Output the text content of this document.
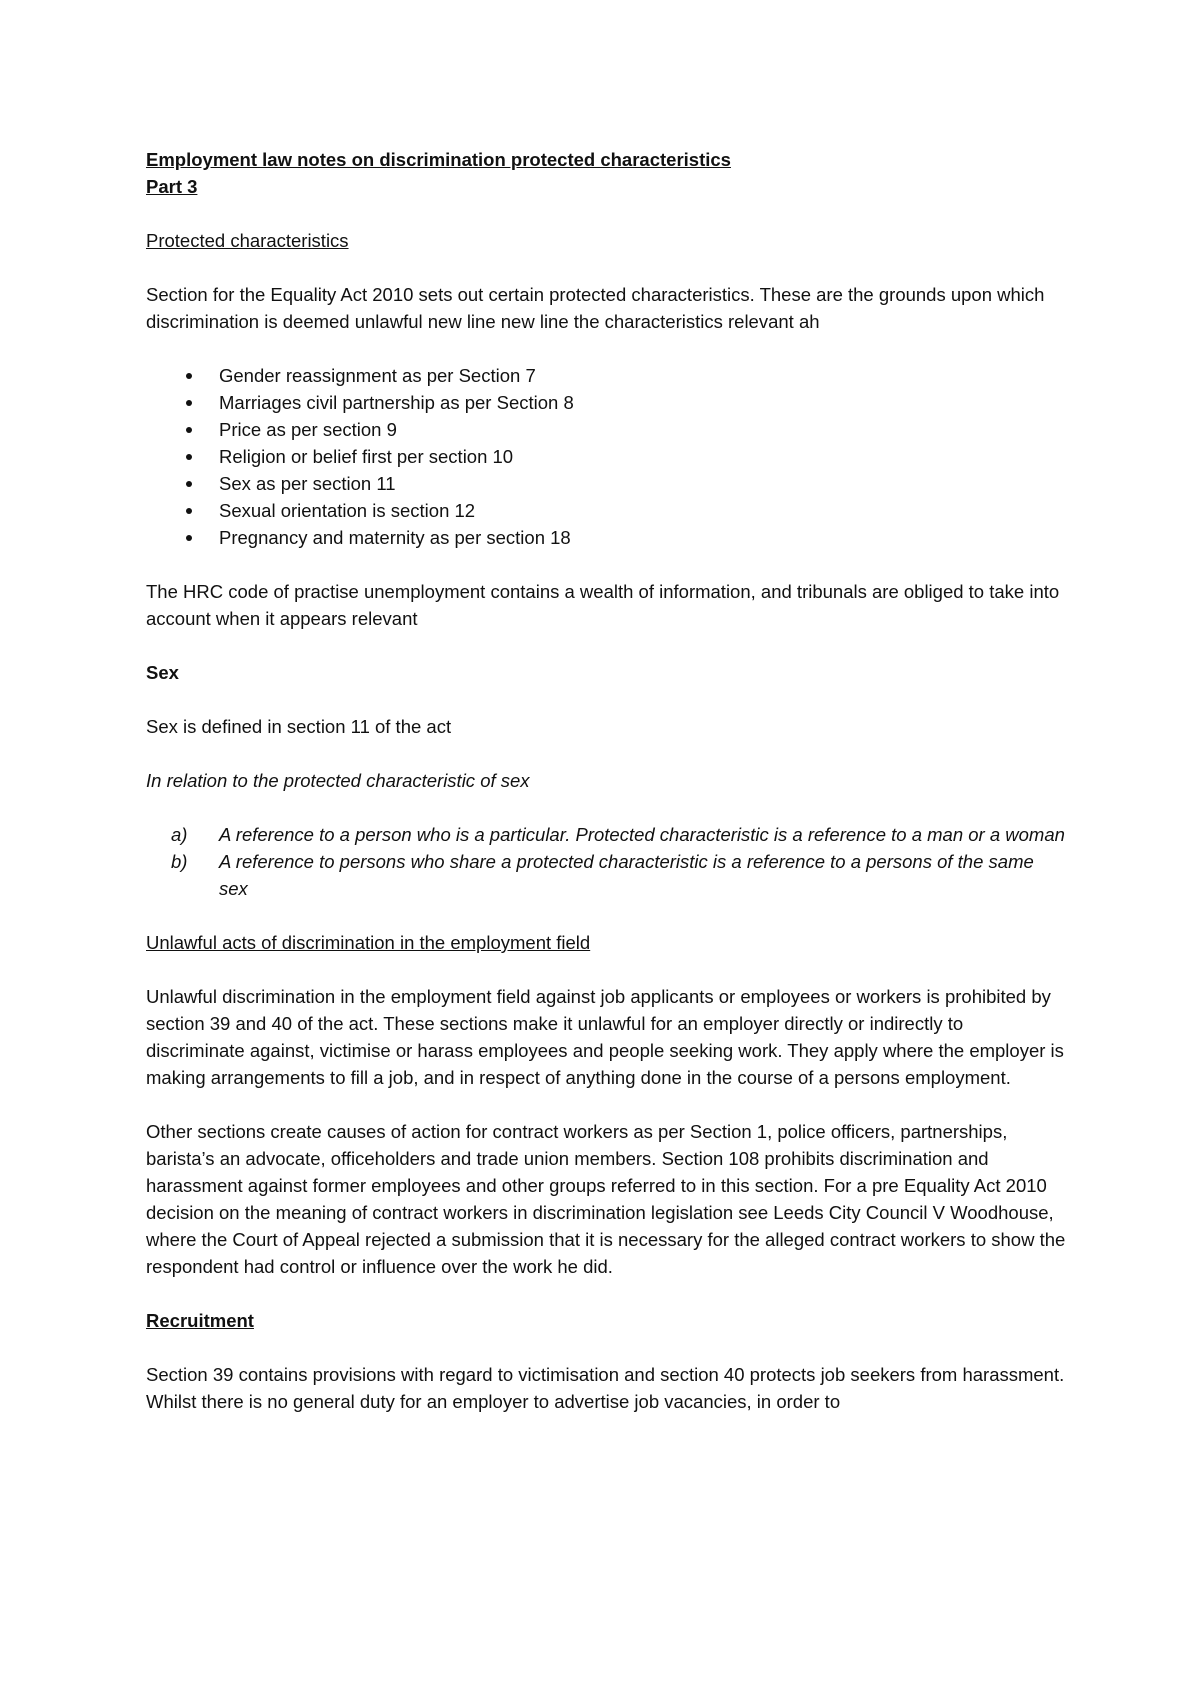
Employment law notes on discrimination protected characteristics

Part 3

Protected characteristics

Section for the Equality Act 2010 sets out certain protected characteristics. These are the grounds upon which discrimination is deemed unlawful new line new line the characteristics relevant ah

Gender reassignment as per Section 7
Marriages civil partnership as per Section 8
Price as per section 9
Religion or belief first per section 10
Sex as per section 11
Sexual orientation is section 12
Pregnancy and maternity as per section 18

The HRC code of practise unemployment contains a wealth of information, and tribunals are obliged to take into account when it appears relevant

Sex

Sex is defined in section 11 of the act

In relation to the protected characteristic of sex

a) A reference to a person who is a particular. Protected characteristic is a reference to a man or a woman
b) A reference to persons who share a protected characteristic is a reference to a persons of the same sex

Unlawful acts of discrimination in the employment field

Unlawful discrimination in the employment field against job applicants or employees or workers is prohibited by section 39 and 40 of the act. These sections make it unlawful for an employer directly or indirectly to discriminate against, victimise or harass employees and people seeking work. They apply where the employer is making arrangements to fill a job, and in respect of anything done in the course of a persons employment.

Other sections create causes of action for contract workers as per Section 1, police officers, partnerships, barista’s an advocate, officeholders and trade union members. Section 108 prohibits discrimination and harassment against former employees and other groups referred to in this section. For a pre Equality Act 2010 decision on the meaning of contract workers in discrimination legislation see Leeds City Council V Woodhouse, where the Court of Appeal rejected a submission that it is necessary for the alleged contract workers to show the respondent had control or influence over the work he did.

Recruitment

Section 39 contains provisions with regard to victimisation and section 40 protects job seekers from harassment. Whilst there is no general duty for an employer to advertise job vacancies, in order to
